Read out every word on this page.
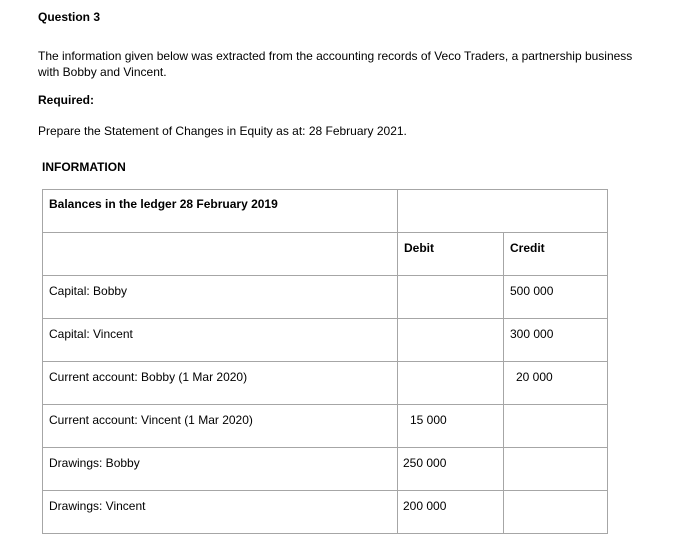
Question 3
The information given below was extracted from the accounting records of Veco Traders, a partnership business with Bobby and Vincent.
Required:
Prepare the Statement of Changes in Equity as at: 28 February 2021.
INFORMATION
Balances in the ledger 28 February 2019		
	Debit	Credit
Capital: Bobby		500 000
Capital: Vincent		300 000
Current account: Bobby (1 Mar 2020)		20 000
Current account: Vincent (1 Mar 2020)	15 000	
Drawings: Bobby	250 000	
Drawings: Vincent	200 000	
